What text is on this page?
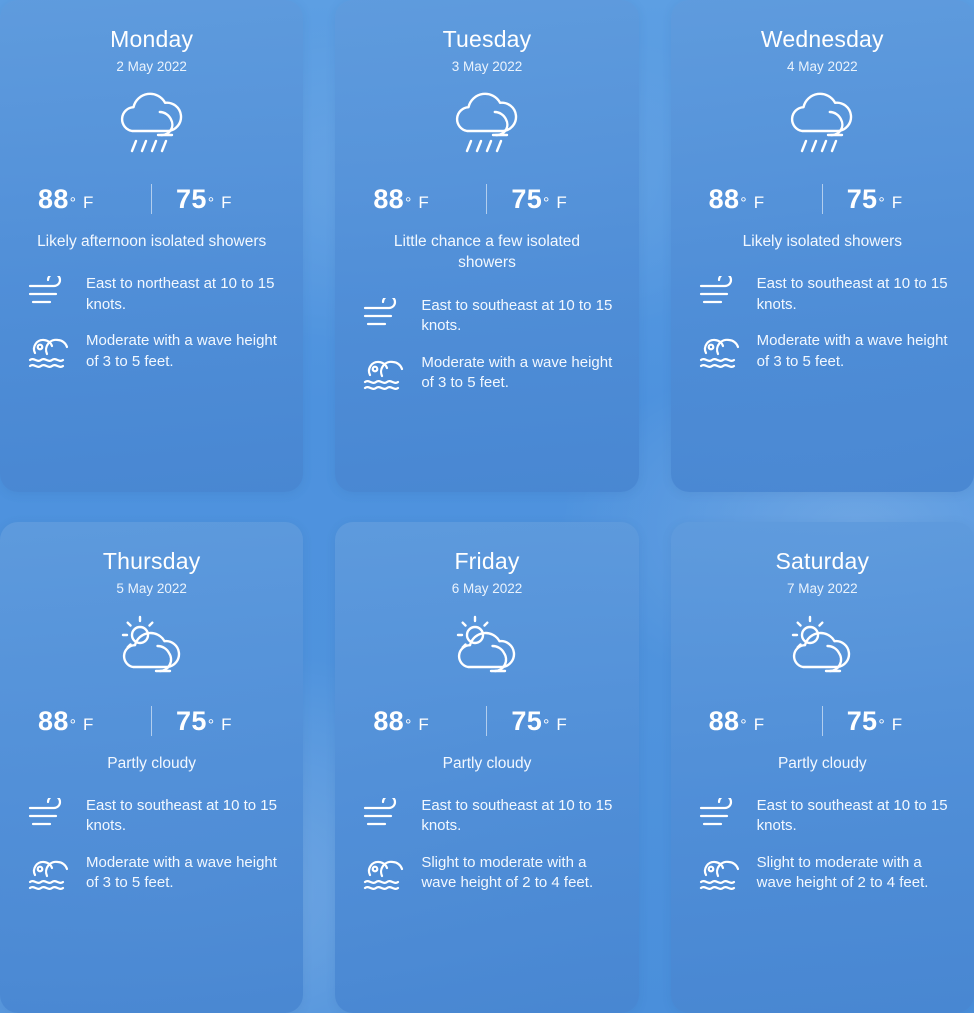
Monday
2 May 2022
88 ° F	75 ° F
Likely afternoon isolated showers
East to northeast at 10 to 15 knots.
Moderate with a wave height of 3 to 5 feet.
Tuesday
3 May 2022
88 ° F	75 ° F
Little chance a few isolated showers
East to southeast at 10 to 15 knots.
Moderate with a wave height of 3 to 5 feet.
Wednesday
4 May 2022
88 ° F	75 ° F
Likely isolated showers
East to southeast at 10 to 15 knots.
Moderate with a wave height of 3 to 5 feet.
Thursday
5 May 2022
88 ° F	75 ° F
Partly cloudy
East to southeast at 10 to 15 knots.
Moderate with a wave height of 3 to 5 feet.
Friday
6 May 2022
88 ° F	75 ° F
Partly cloudy
East to southeast at 10 to 15 knots.
Slight to moderate with a wave height of 2 to 4 feet.
Saturday
7 May 2022
88 ° F	75 ° F
Partly cloudy
East to southeast at 10 to 15 knots.
Slight to moderate with a wave height of 2 to 4 feet.
